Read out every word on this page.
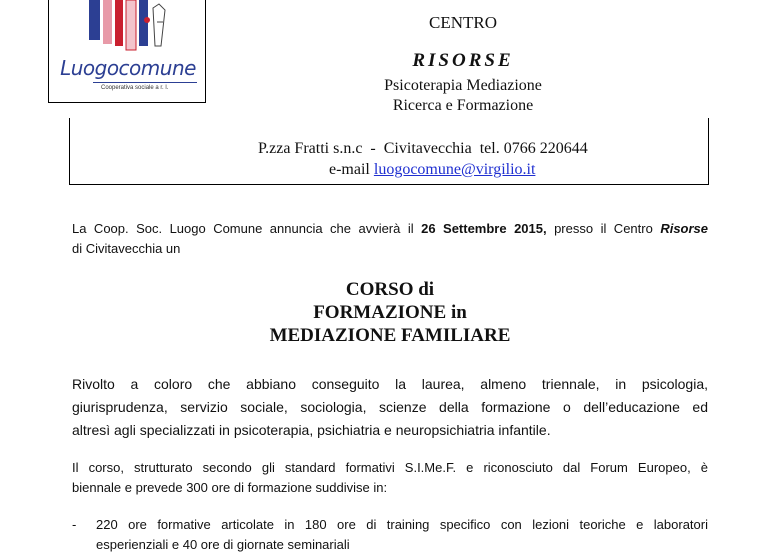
Luogocomune
Cooperativa sociale a r. l.
CENTRO
RISORSE
Psicoterapia Mediazione
Ricerca e Formazione
P.zza Fratti s.n.c  -  Civitavecchia  tel. 0766 220644
e-mail luogocomune@virgilio.it
La Coop. Soc. Luogo Comune annuncia che avvierà il 26 Settembre 2015, presso il Centro Risorse
di Civitavecchia un
CORSO di
FORMAZIONE in
MEDIAZIONE FAMILIARE
Rivolto a coloro che abbiano conseguito la laurea, almeno triennale, in psicologia,
giurisprudenza, servizio sociale, sociologia, scienze della formazione o dell’educazione ed
altresì agli specializzati in psicoterapia, psichiatria e neuropsichiatria infantile.
Il corso, strutturato secondo gli standard formativi S.I.Me.F. e riconosciuto dal Forum Europeo, è
biennale e prevede 300 ore di formazione suddivise in:
- 220 ore formative articolate in 180 ore di training specifico con lezioni teoriche e laboratori
esperienziali e 40 ore di giornate seminariali
